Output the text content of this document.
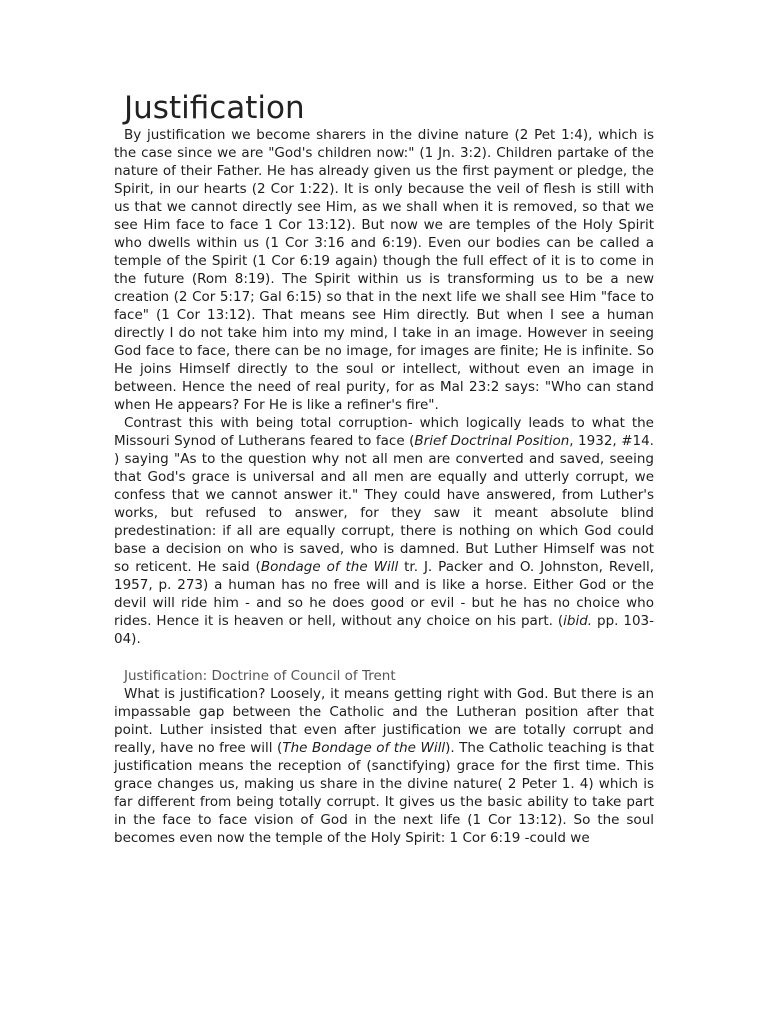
Justification

By justification we become sharers in the divine nature (2 Pet 1:4), which is the case since we are "God's children now:" (1 Jn. 3:2). Children partake of the nature of their Father. He has already given us the first payment or pledge, the Spirit, in our hearts (2 Cor 1:22). It is only because the veil of flesh is still with us that we cannot directly see Him, as we shall when it is removed, so that we see Him face to face 1 Cor 13:12). But now we are temples of the Holy Spirit who dwells within us (1 Cor 3:16 and 6:19). Even our bodies can be called a temple of the Spirit (1 Cor 6:19 again) though the full effect of it is to come in the future (Rom 8:19). The Spirit within us is transforming us to be a new creation (2 Cor 5:17; Gal 6:15) so that in the next life we shall see Him "face to face" (1 Cor 13:12). That means see Him directly. But when I see a human directly I do not take him into my mind, I take in an image. However in seeing God face to face, there can be no image, for images are finite; He is infinite. So He joins Himself directly to the soul or intellect, without even an image in between. Hence the need of real purity, for as Mal 23:2 says: "Who can stand when He appears? For He is like a refiner's fire".

Contrast this with being total corruption- which logically leads to what the Missouri Synod of Lutherans feared to face (Brief Doctrinal Position, 1932, #14. ) saying "As to the question why not all men are converted and saved, seeing that God's grace is universal and all men are equally and utterly corrupt, we confess that we cannot answer it." They could have answered, from Luther's works, but refused to answer, for they saw it meant absolute blind predestination: if all are equally corrupt, there is nothing on which God could base a decision on who is saved, who is damned. But Luther Himself was not so reticent. He said (Bondage of the Will tr. J. Packer and O. Johnston, Revell, 1957, p. 273) a human has no free will and is like a horse. Either God or the devil will ride him - and so he does good or evil - but he has no choice who rides. Hence it is heaven or hell, without any choice on his part. (ibid. pp. 103-04).

Justification: Doctrine of Council of Trent

What is justification? Loosely, it means getting right with God. But there is an impassable gap between the Catholic and the Lutheran position after that point. Luther insisted that even after justification we are totally corrupt and really, have no free will (The Bondage of the Will). The Catholic teaching is that justification means the reception of (sanctifying) grace for the first time. This grace changes us, making us share in the divine nature( 2 Peter 1. 4) which is far different from being totally corrupt. It gives us the basic ability to take part in the face to face vision of God in the next life (1 Cor 13:12). So the soul becomes even now the temple of the Holy Spirit: 1 Cor 6:19 -could we
